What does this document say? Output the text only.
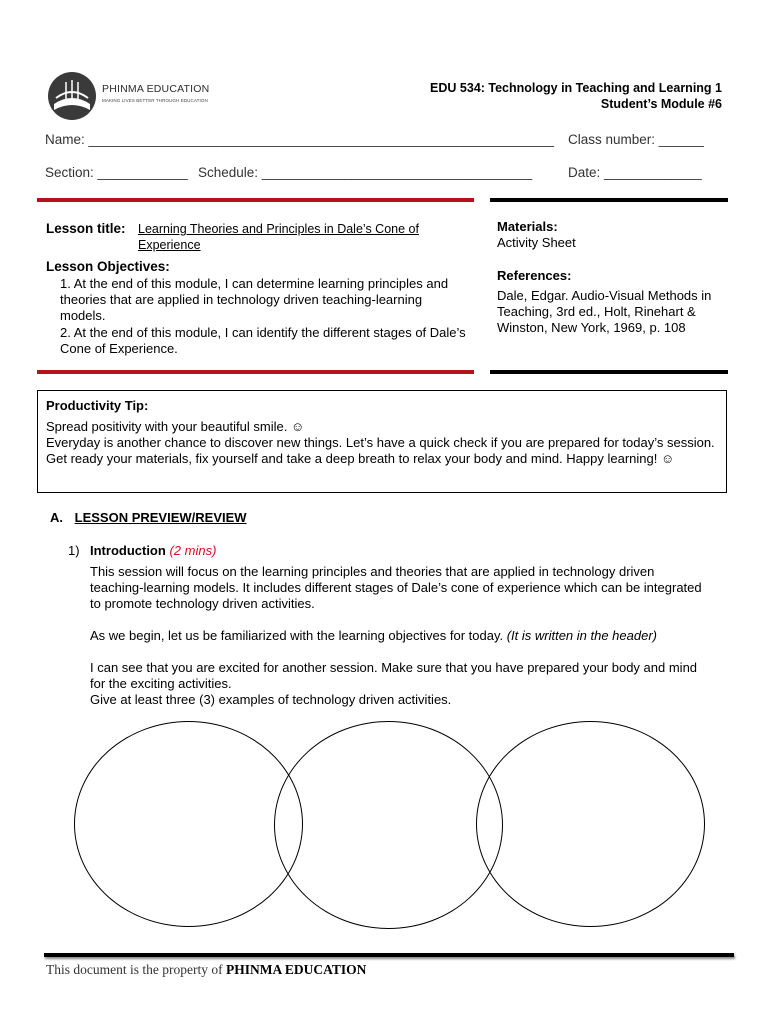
PHINMA EDUCATION
MAKING LIVES BETTER THROUGH EDUCATION
EDU 534: Technology in Teaching and Learning 1
Student’s Module #6
Name: ______________________________________________________________ Class number: ______
Section: ____________ Schedule: ____________________________________	Date: _____________
Lesson title: Learning Theories and Principles in Dale’s Cone of Experience
Lesson Objectives:
1. At the end of this module, I can determine learning principles and theories that are applied in technology driven teaching-learning models.
2. At the end of this module, I can identify the different stages of Dale’s Cone of Experience.
Materials:
Activity Sheet
References:
Dale, Edgar. Audio-Visual Methods in Teaching, 3rd ed., Holt, Rinehart & Winston, New York, 1969, p. 108
Productivity Tip:
Spread positivity with your beautiful smile. ☺
Everyday is another chance to discover new things. Let’s have a quick check if you are prepared for today’s session. Get ready your materials, fix yourself and take a deep breath to relax your body and mind. Happy learning! ☺
A. LESSON PREVIEW/REVIEW
1) Introduction (2 mins)

This session will focus on the learning principles and theories that are applied in technology driven teaching-learning models. It includes different stages of Dale’s cone of experience which can be integrated to promote technology driven activities.

As we begin, let us be familiarized with the learning objectives for today. (It is written in the header)

I can see that you are excited for another session. Make sure that you have prepared your body and mind for the exciting activities.

Give at least three (3) examples of technology driven activities.

This document is the property of PHINMA EDUCATION
